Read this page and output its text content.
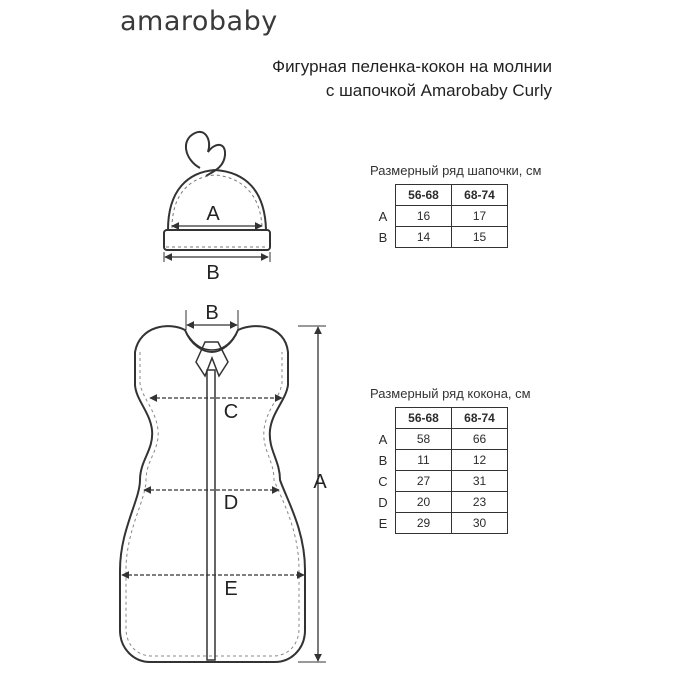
amarobaby
Фигурная пеленка-кокон на молнии
с шапочкой Amarobaby Curly
A
B
B
C
D
E
A
Размерный ряд шапочки, см
	56-68	68-74
A	16	17
B	14	15
Размерный ряд кокона, см
	56-68	68-74
A	58	66
B	11	12
C	27	31
D	20	23
E	29	30
